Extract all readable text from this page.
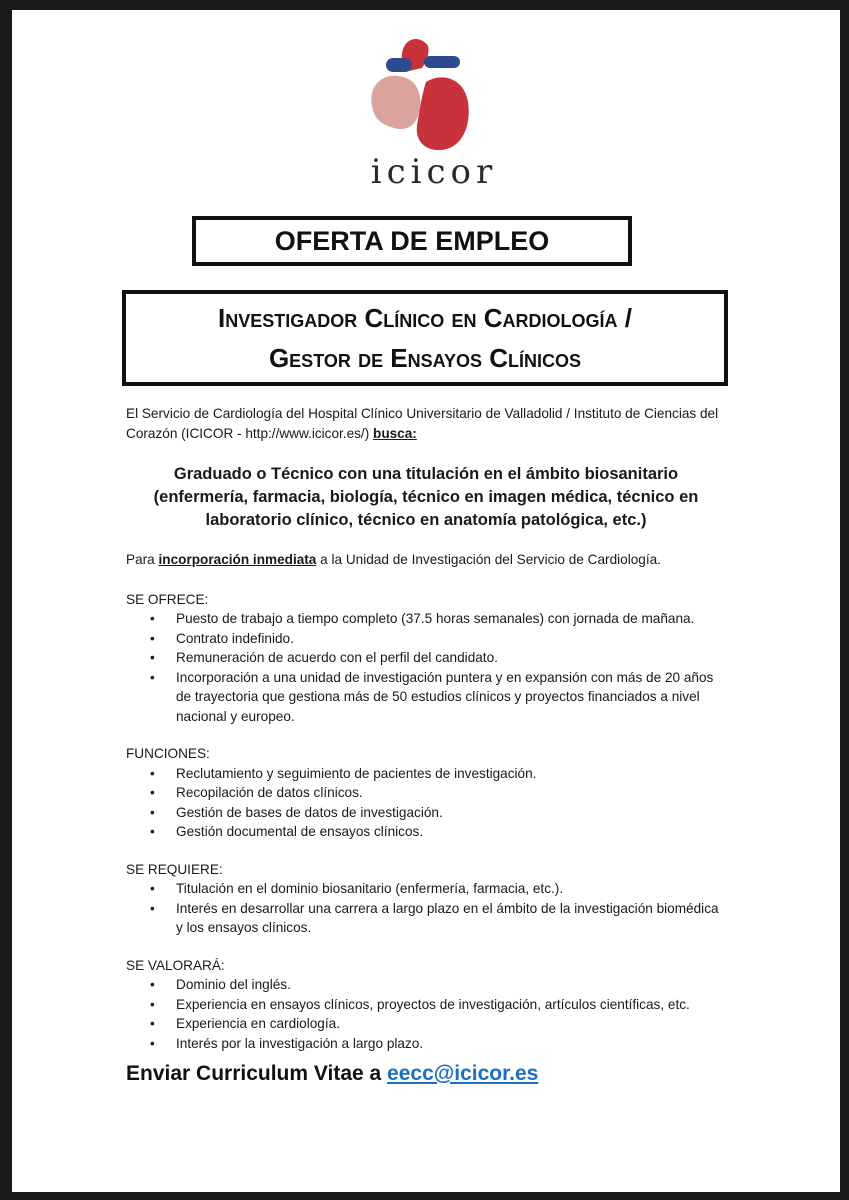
icicor
OFERTA DE EMPLEO
Investigador Clínico en Cardiología /
Gestor de Ensayos Clínicos

El Servicio de Cardiología del Hospital Clínico Universitario de Valladolid / Instituto de Ciencias del Corazón (ICICOR - http://www.icicor.es/) busca:

Graduado o Técnico con una titulación en el ámbito biosanitario (enfermería, farmacia, biología, técnico en imagen médica, técnico en laboratorio clínico, técnico en anatomía patológica, etc.)

Para incorporación inmediata a la Unidad de Investigación del Servicio de Cardiología.

SE OFRECE:

• Puesto de trabajo a tiempo completo (37.5 horas semanales) con jornada de mañana.
• Contrato indefinido.
• Remuneración de acuerdo con el perfil del candidato.
• Incorporación a una unidad de investigación puntera y en expansión con más de 20 años de trayectoria que gestiona más de 50 estudios clínicos y proyectos financiados a nivel nacional y europeo.

FUNCIONES:

• Reclutamiento y seguimiento de pacientes de investigación.
• Recopilación de datos clínicos.
• Gestión de bases de datos de investigación.
• Gestión documental de ensayos clínicos.

SE REQUIERE:

• Titulación en el dominio biosanitario (enfermería, farmacia, etc.).
• Interés en desarrollar una carrera a largo plazo en el ámbito de la investigación biomédica y los ensayos clínicos.

SE VALORARÁ:

• Dominio del inglés.
• Experiencia en ensayos clínicos, proyectos de investigación, artículos científicas, etc.
• Experiencia en cardiología.
• Interés por la investigación a largo plazo.
Enviar Curriculum Vitae a eecc@icicor.es
